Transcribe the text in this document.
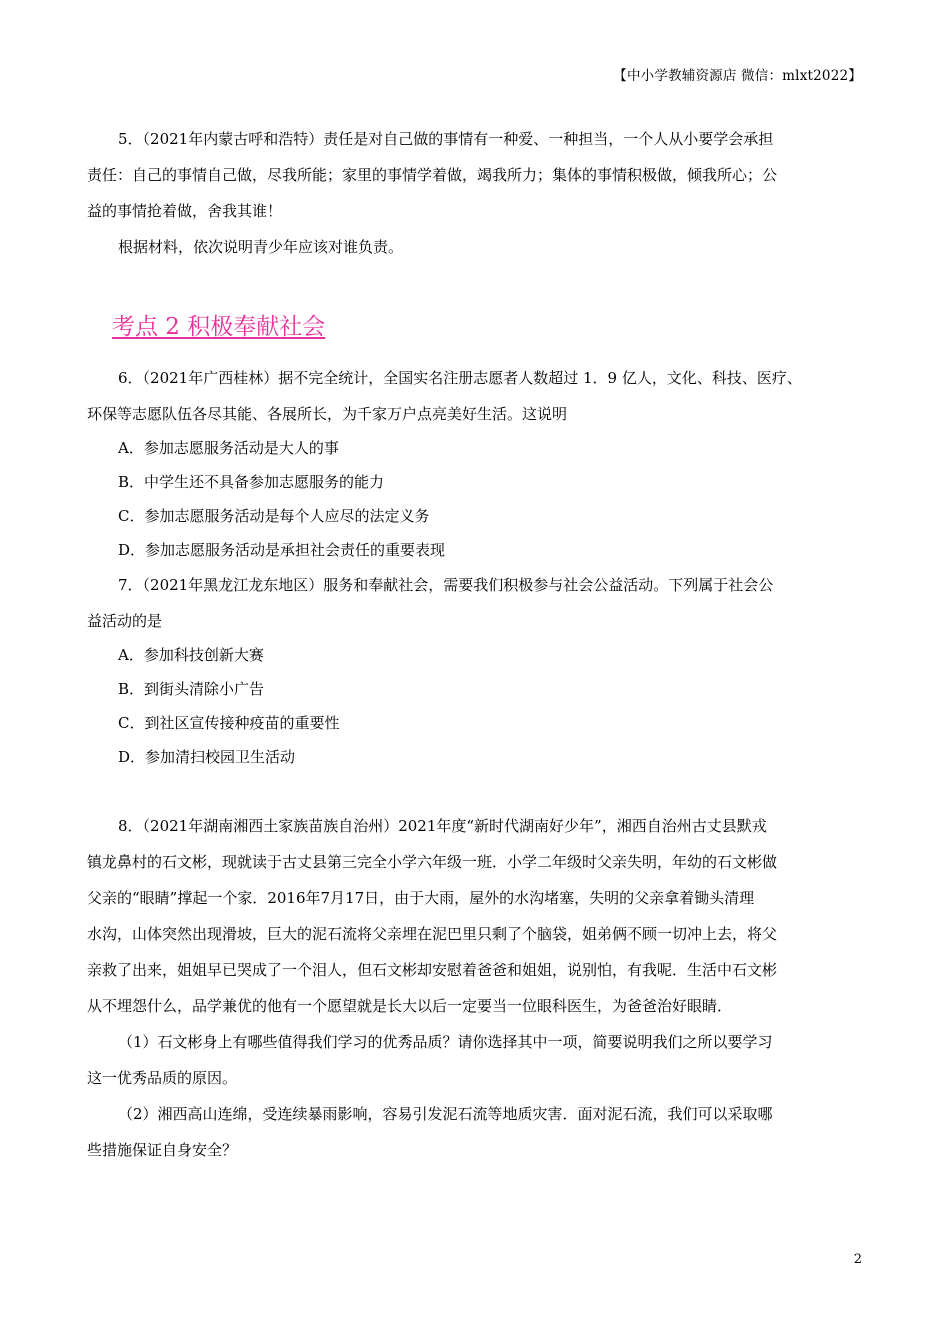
【中小学教辅资源店 微信：mlxt2022】
5．（2021年内蒙古呼和浩特）责任是对自己做的事情有一种爱、一种担当，一个人从小要学会承担
责任：自己的事情自己做，尽我所能；家里的事情学着做，竭我所力；集体的事情积极做，倾我所心；公
益的事情抢着做，舍我其谁！
根据材料，依次说明青少年应该对谁负责。
考点 2 积极奉献社会
6．（2021年广西桂林）据不完全统计，全国实名注册志愿者人数超过 1．9 亿人，文化、科技、医疗、
环保等志愿队伍各尽其能、各展所长，为千家万户点亮美好生活。这说明
A．参加志愿服务活动是大人的事
B．中学生还不具备参加志愿服务的能力
C．参加志愿服务活动是每个人应尽的法定义务
D．参加志愿服务活动是承担社会责任的重要表现
7．（2021年黑龙江龙东地区）服务和奉献社会，需要我们积极参与社会公益活动。下列属于社会公
益活动的是
A．参加科技创新大赛
B．到街头清除小广告
C．到社区宣传接种疫苗的重要性
D．参加清扫校园卫生活动
8．（2021年湖南湘西土家族苗族自治州）2021年度“新时代湖南好少年”，湘西自治州古丈县默戎
镇龙鼻村的石文彬，现就读于古丈县第三完全小学六年级一班．小学二年级时父亲失明，年幼的石文彬做
父亲的“眼睛”撑起一个家．2016年7月17日，由于大雨，屋外的水沟堵塞，失明的父亲拿着锄头清理
水沟，山体突然出现滑坡，巨大的泥石流将父亲埋在泥巴里只剩了个脑袋，姐弟俩不顾一切冲上去，将父
亲救了出来，姐姐早已哭成了一个泪人，但石文彬却安慰着爸爸和姐姐，说别怕，有我呢．生活中石文彬
从不埋怨什么，品学兼优的他有一个愿望就是长大以后一定要当一位眼科医生，为爸爸治好眼睛．
（1）石文彬身上有哪些值得我们学习的优秀品质？请你选择其中一项，简要说明我们之所以要学习
这一优秀品质的原因。
（2）湘西高山连绵，受连续暴雨影响，容易引发泥石流等地质灾害．面对泥石流，我们可以采取哪
些措施保证自身安全？
2
